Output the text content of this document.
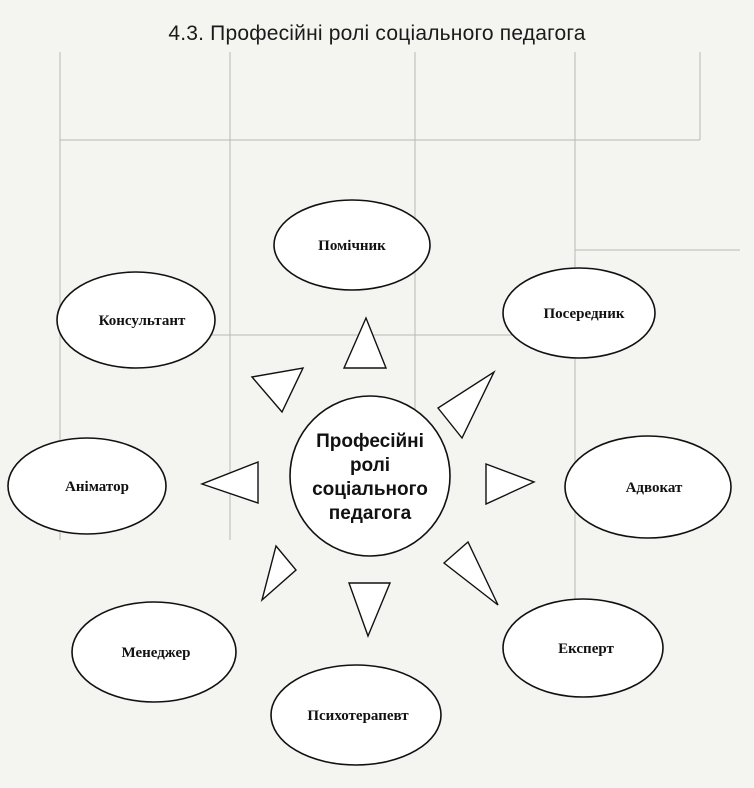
4.3. Професійні ролі соціального педагога
Професійні
ролі
соціального
педагога
Помічник
Посередник
Консультант
Аніматор	Адвокат
Менеджер	Експерт
Психотерапевт
